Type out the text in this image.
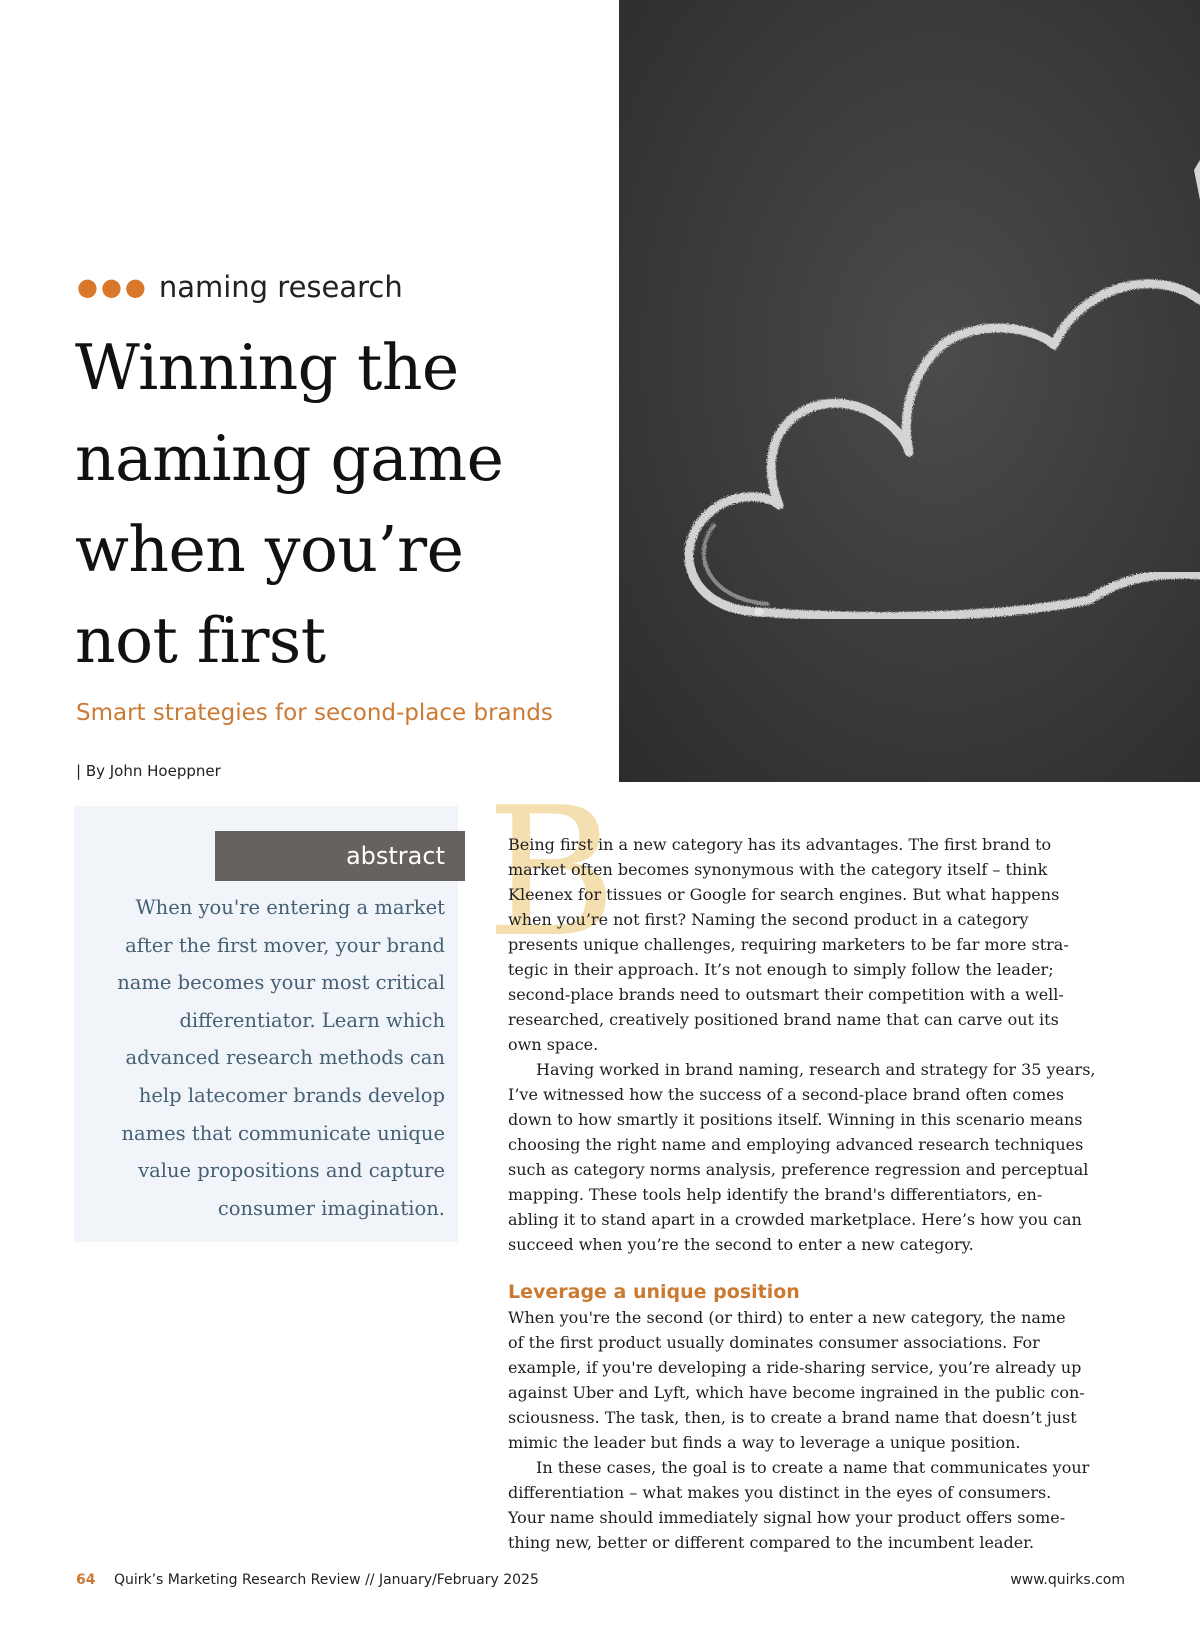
●●● naming research
Winning the
naming game
when you’re
not first
Smart strategies for second-place brands
| By John Hoeppner
abstract

When you're entering a market
after the first mover, your brand
name becomes your most critical
differentiator. Learn which
advanced research methods can
help latecomer brands develop
names that communicate unique
value propositions and capture
consumer imagination.

B

Being first in a new category has its advantages. The first brand to
market often becomes synonymous with the category itself – think
Kleenex for tissues or Google for search engines. But what happens
when you’re not first? Naming the second product in a category
presents unique challenges, requiring marketers to be far more stra-
tegic in their approach. It’s not enough to simply follow the leader;
second-place brands need to outsmart their competition with a well-
researched, creatively positioned brand name that can carve out its
own space.

Having worked in brand naming, research and strategy for 35 years,
I’ve witnessed how the success of a second-place brand often comes
down to how smartly it positions itself. Winning in this scenario means
choosing the right name and employing advanced research techniques
such as category norms analysis, preference regression and perceptual
mapping. These tools help identify the brand's differentiators, en-
abling it to stand apart in a crowded marketplace. Here’s how you can
succeed when you’re the second to enter a new category.

Leverage a unique position

When you're the second (or third) to enter a new category, the name
of the first product usually dominates consumer associations. For
example, if you're developing a ride-sharing service, you’re already up
against Uber and Lyft, which have become ingrained in the public con-
sciousness. The task, then, is to create a brand name that doesn’t just
mimic the leader but finds a way to leverage a unique position.

In these cases, the goal is to create a name that communicates your
differentiation – what makes you distinct in the eyes of consumers.
Your name should immediately signal how your product offers some-
thing new, better or different compared to the incumbent leader.

64 Quirk’s Marketing Research Review // January/February 2025	www.quirks.com
